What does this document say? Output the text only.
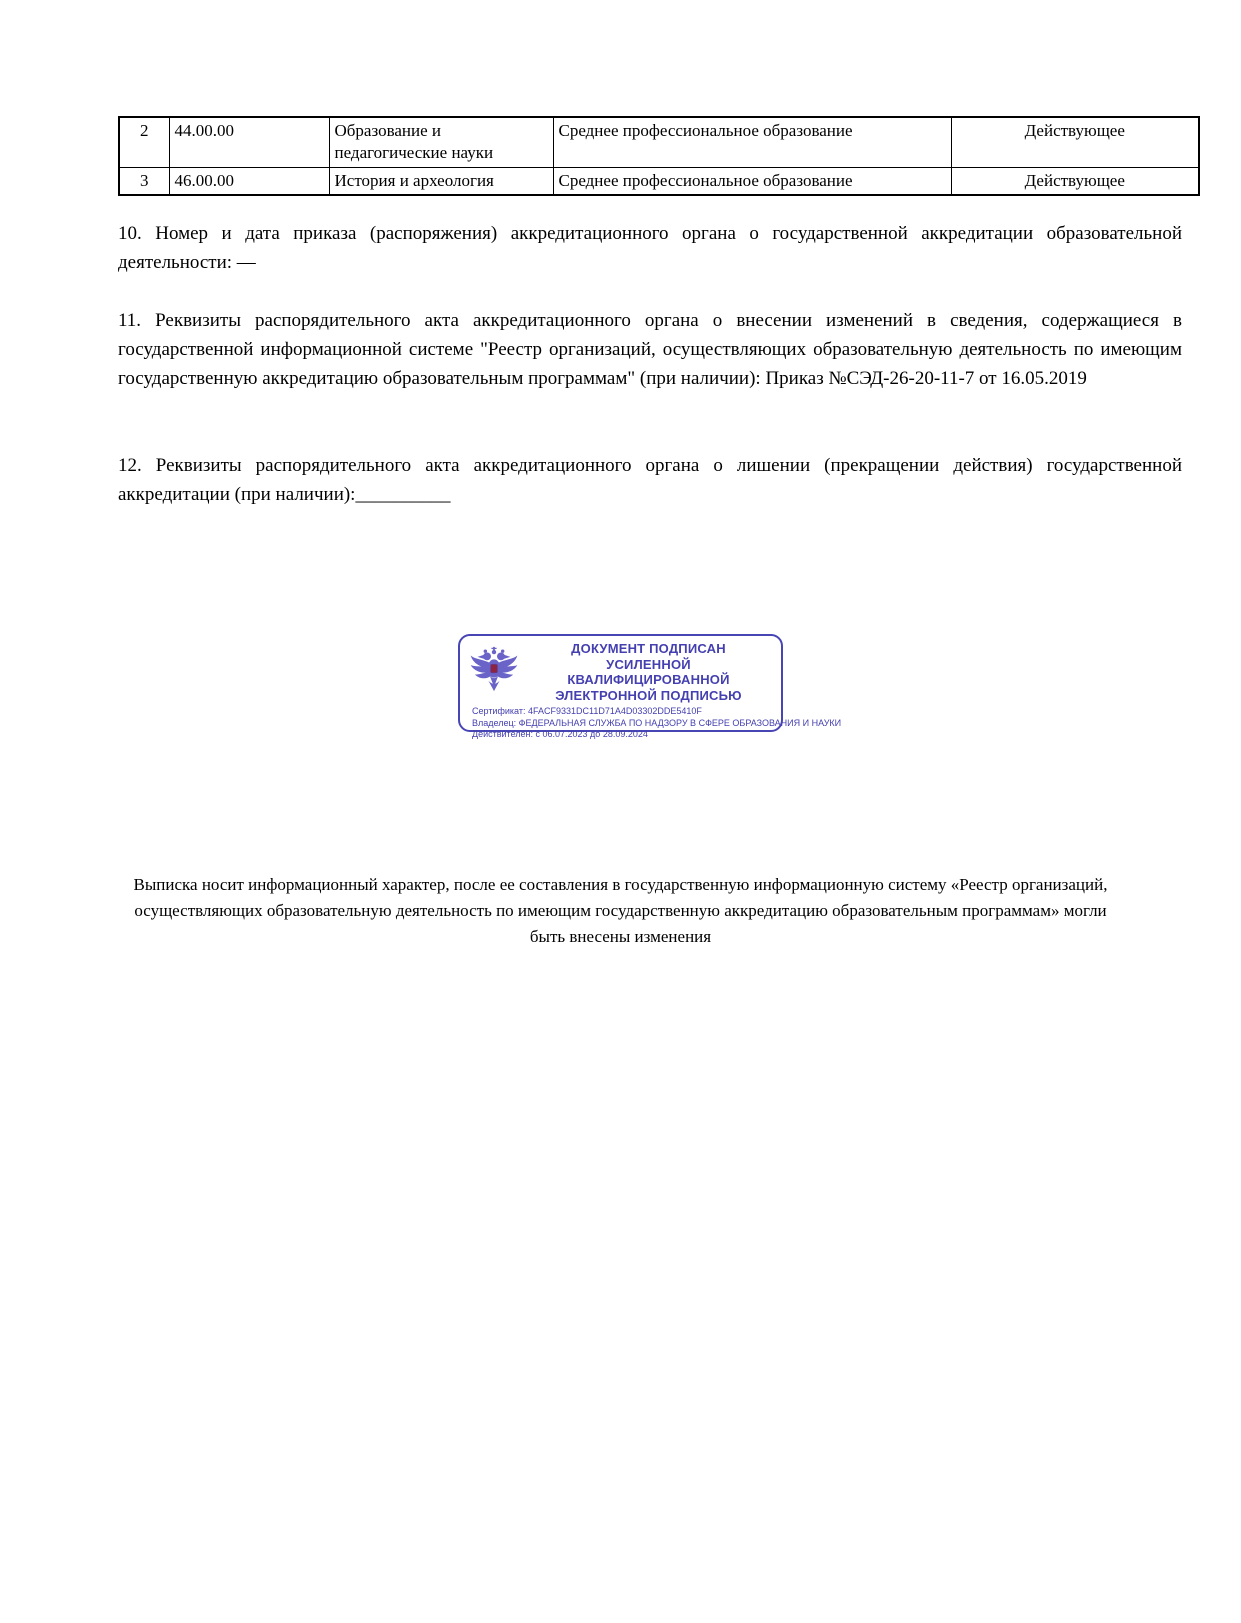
2	44.00.00	Образование и педагогические науки	Среднее профессиональное образование	Действующее
3	46.00.00	История и археология	Среднее профессиональное образование	Действующее

10. Номер и дата приказа (распоряжения) аккредитационного органа о государственной аккредитации образовательной деятельности: —

11. Реквизиты распорядительного акта аккредитационного органа о внесении изменений в сведения, содержащиеся в государственной информационной системе "Реестр организаций, осуществляющих образовательную деятельность по имеющим государственную аккредитацию образовательным программам" (при наличии): Приказ №СЭД-26-20-11-7 от 16.05.2019

12. Реквизиты распорядительного акта аккредитационного органа о лишении (прекращении действия) государственной аккредитации (при наличии):__________

ДОКУМЕНТ ПОДПИСАН
УСИЛЕННОЙ КВАЛИФИЦИРОВАННОЙ
ЭЛЕКТРОННОЙ ПОДПИСЬЮ
Сертификат: 4FACF9331DC11D71A4D03302DDE5410F
Владелец: ФЕДЕРАЛЬНАЯ СЛУЖБА ПО НАДЗОРУ В СФЕРЕ ОБРАЗОВАНИЯ И НАУКИ
Действителен: с 06.07.2023 до 28.09.2024

Выписка носит информационный характер, после ее составления в государственную информационную систему «Реестр организаций, осуществляющих образовательную деятельность по имеющим государственную аккредитацию образовательным программам» могли быть внесены изменения
